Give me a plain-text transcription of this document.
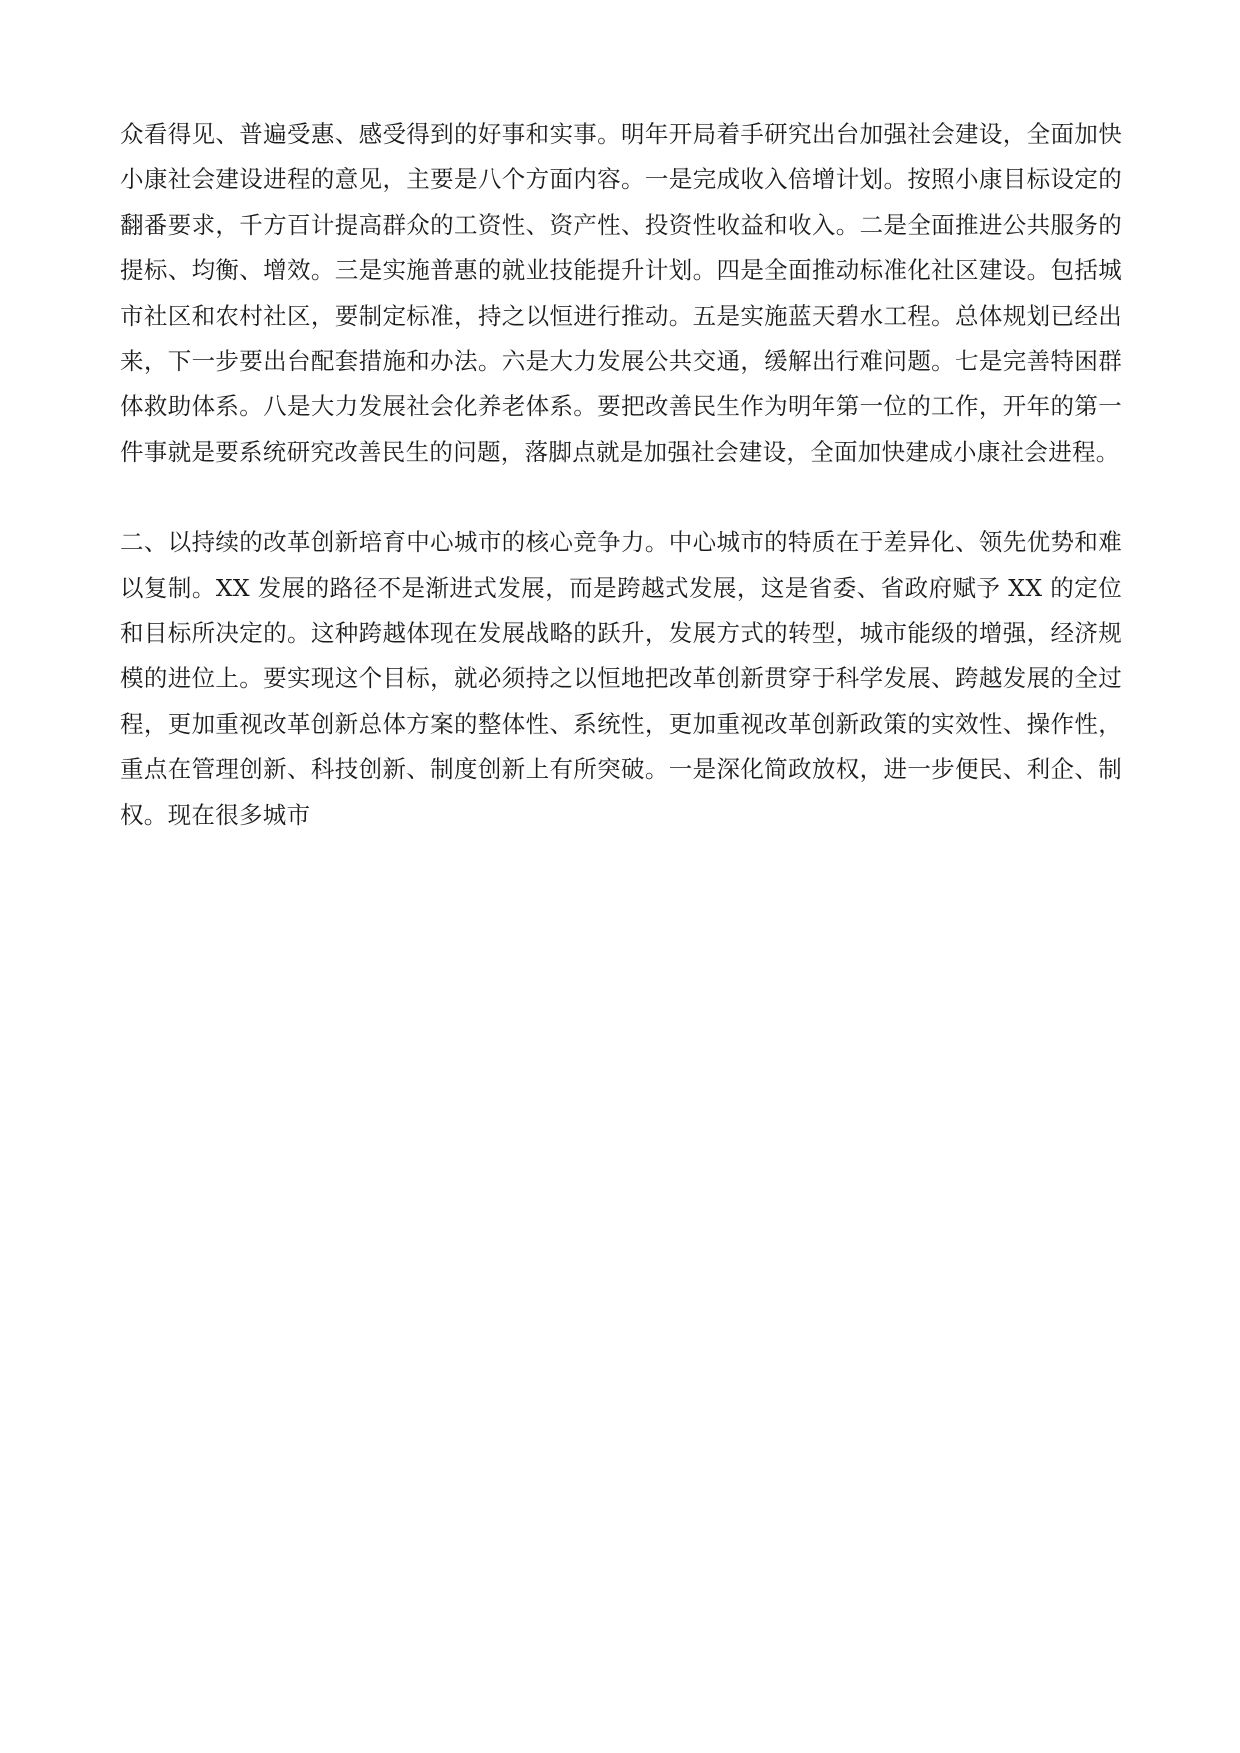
众看得见、普遍受惠、感受得到的好事和实事。明年开局着手研究出台加强社会建设，全面加快小康社会建设进程的意见，主要是八个方面内容。一是完成收入倍增计划。按照小康目标设定的翻番要求，千方百计提高群众的工资性、资产性、投资性收益和收入。二是全面推进公共服务的提标、均衡、增效。三是实施普惠的就业技能提升计划。四是全面推动标准化社区建设。包括城市社区和农村社区，要制定标准，持之以恒进行推动。五是实施蓝天碧水工程。总体规划已经出来，下一步要出台配套措施和办法。六是大力发展公共交通，缓解出行难问题。七是完善特困群体救助体系。八是大力发展社会化养老体系。要把改善民生作为明年第一位的工作，开年的第一件事就是要系统研究改善民生的问题，落脚点就是加强社会建设，全面加快建成小康社会进程。

二、以持续的改革创新培育中心城市的核心竞争力。中心城市的特质在于差异化、领先优势和难以复制。XX 发展的路径不是渐进式发展，而是跨越式发展，这是省委、省政府赋予 XX 的定位和目标所决定的。这种跨越体现在发展战略的跃升，发展方式的转型，城市能级的增强，经济规模的进位上。要实现这个目标，就必须持之以恒地把改革创新贯穿于科学发展、跨越发展的全过程，更加重视改革创新总体方案的整体性、系统性，更加重视改革创新政策的实效性、操作性，重点在管理创新、科技创新、制度创新上有所突破。一是深化简政放权，进一步便民、利企、制权。现在很多城市
